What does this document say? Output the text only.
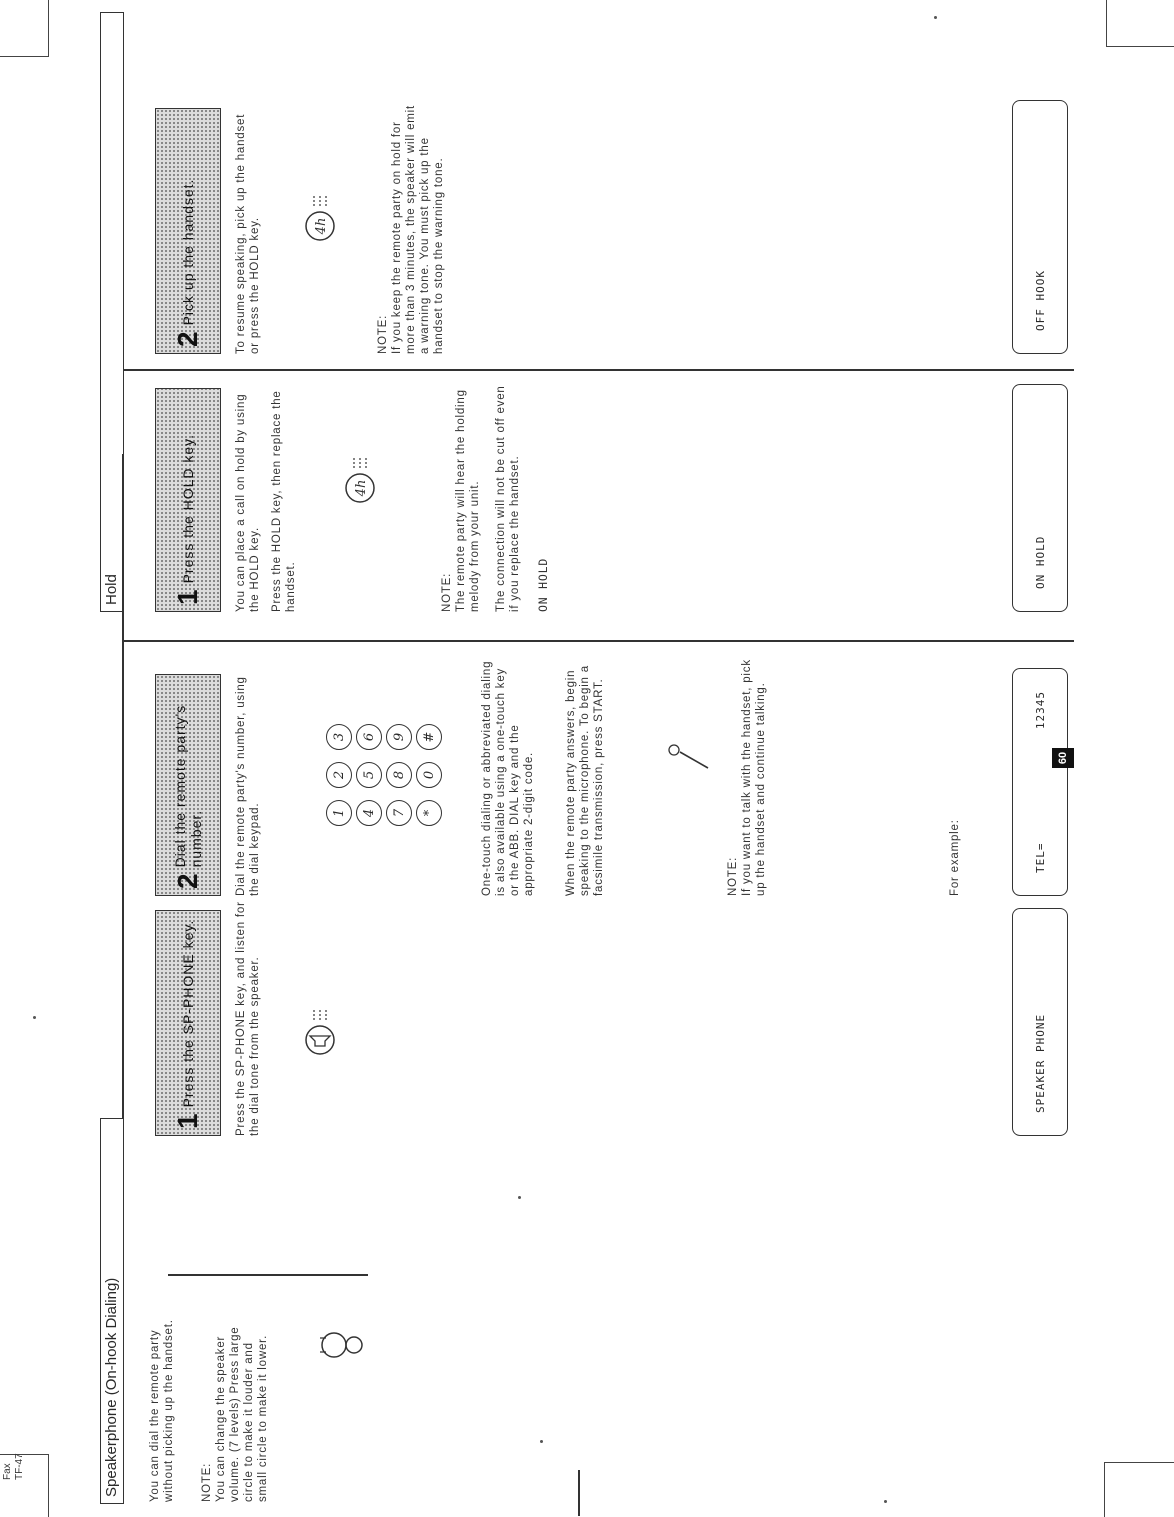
Fax TF-47	Speakerphone (On-hook Dialing)	You can dial the remote party without picking up the handset. NOTE: You can change the speaker volume. (7 levels) Press large circle to make it louder and small circle to make it lower.
1
Press the SP-PHONE key.	Press the SP-PHONE key, and listen for the dial tone from the speaker.
2
Dial the remote party's number.	Dial the remote party's number, using the dial keypad.	1
2
3
4
5
6
7
8
9
*
0
#	One-touch dialing or abbreviated dialing is also available using a one-touch key or the ABB. DIAL key and the appropriate 2-digit code.	When the remote party answers, begin speaking to the microphone. To begin a facsimile transmission, press START.	NOTE: If you want to talk with the handset, pick up the handset and continue talking.	For example:
SPEAKER PHONE
TEL=
12345
Hold 1
Press the HOLD key.	You can place a call on hold by using the HOLD key. Press the HOLD key, then replace the handset.
4h
NOTE: The remote party will hear the holding melody from your unit. The connection will not be cut off even if you replace the handset. ON HOLD	ON HOLD
2
Pick up the handset.	To resume speaking, pick up the handset or press the HOLD key.	4h
NOTE: If you keep the remote party on hold for more than 3 minutes, the speaker will emit a warning tone. You must pick up the handset to stop the warning tone.	OFF HOOK
60
